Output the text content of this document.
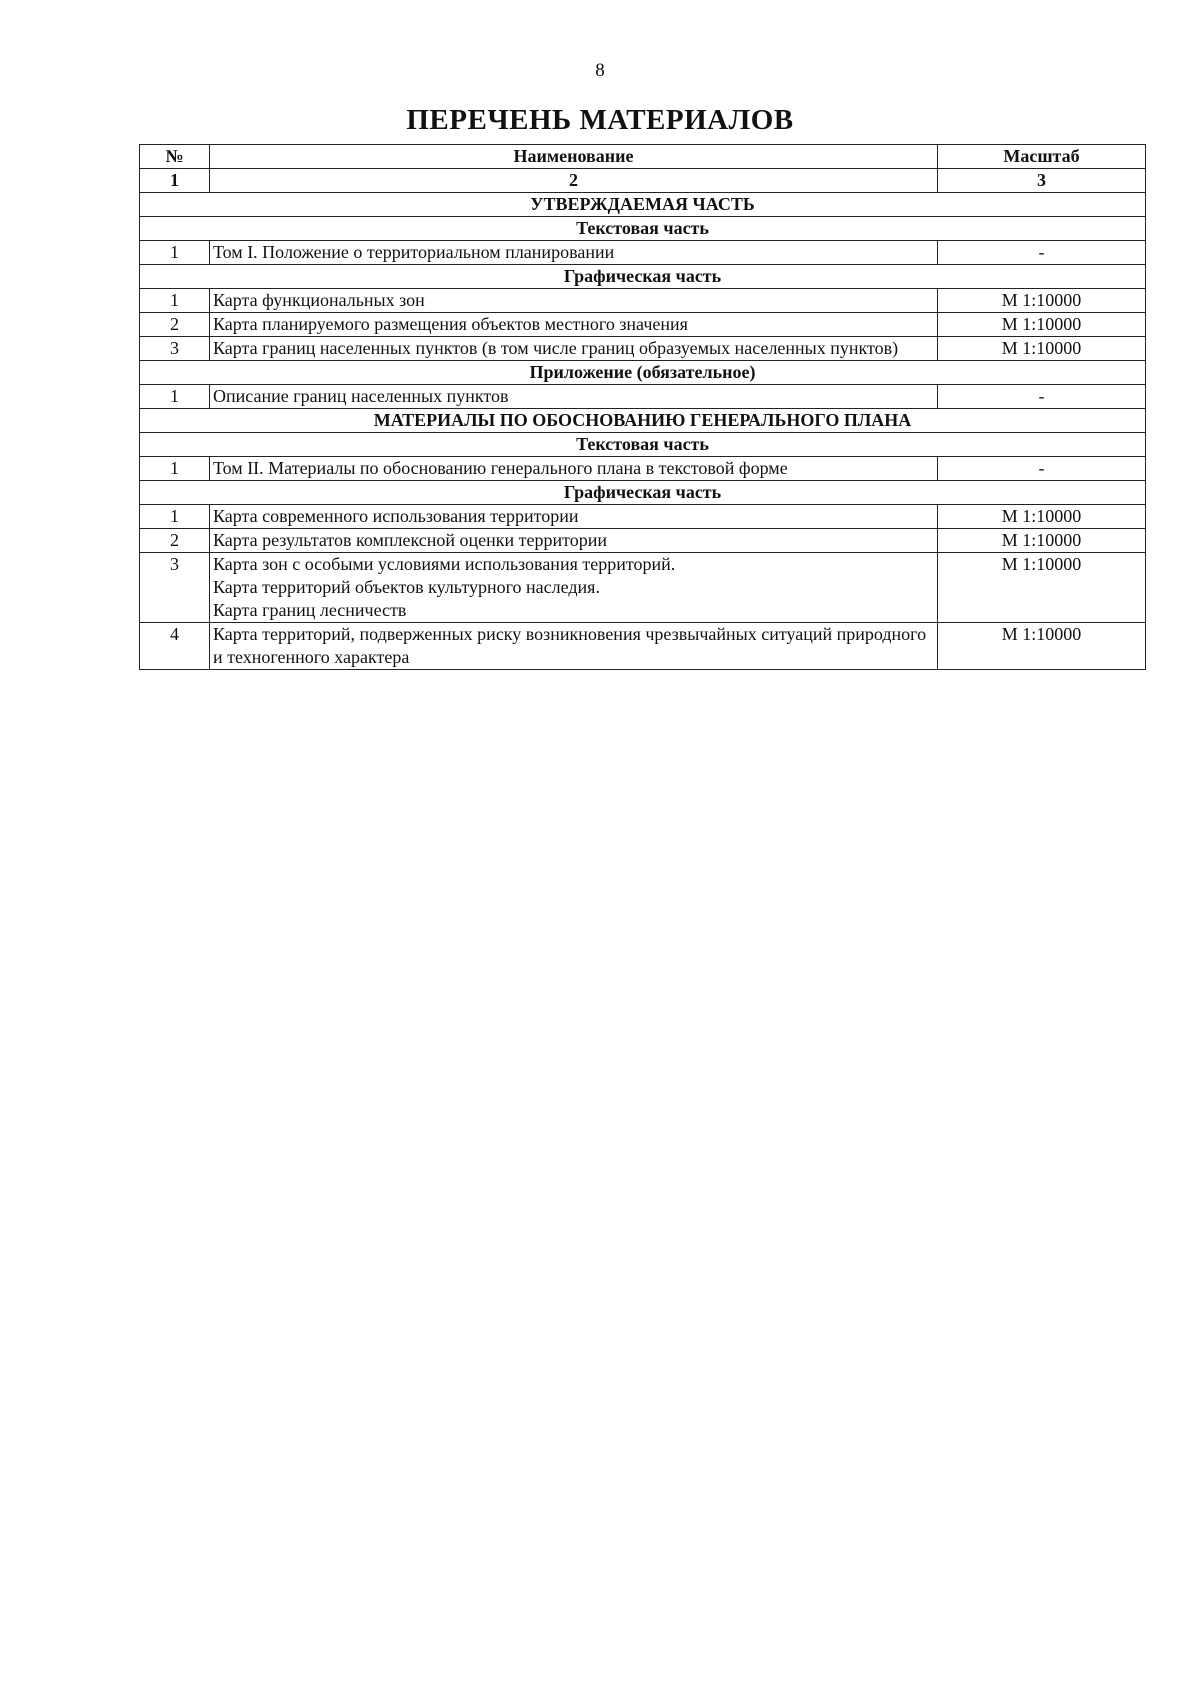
8
ПЕРЕЧЕНЬ МАТЕРИАЛОВ
№	Наименование	Масштаб
1	2	3
УТВЕРЖДАЕМАЯ ЧАСТЬ		
Текстовая часть		
1	Том I. Положение о территориальном планировании	-
Графическая часть		
1	Карта функциональных зон	М 1:10000
2	Карта планируемого размещения объектов местного значения	М 1:10000
3	Карта границ населенных пунктов (в том числе границ образуемых населенных пунктов)	М 1:10000
Приложение (обязательное)		
1	Описание границ населенных пунктов	-
МАТЕРИАЛЫ ПО ОБОСНОВАНИЮ ГЕНЕРАЛЬНОГО ПЛАНА		
Текстовая часть		
1	Том II. Материалы по обоснованию генерального плана в текстовой форме	-
Графическая часть		
1	Карта современного использования территории	М 1:10000
2	Карта результатов комплексной оценки территории	М 1:10000
3	Карта зон с особыми условиями использования территорий.
Карта территорий объектов культурного наследия.
Карта границ лесничеств	М 1:10000
4	Карта территорий, подверженных риску возникновения чрезвычайных ситуаций природного и техногенного характера	М 1:10000
